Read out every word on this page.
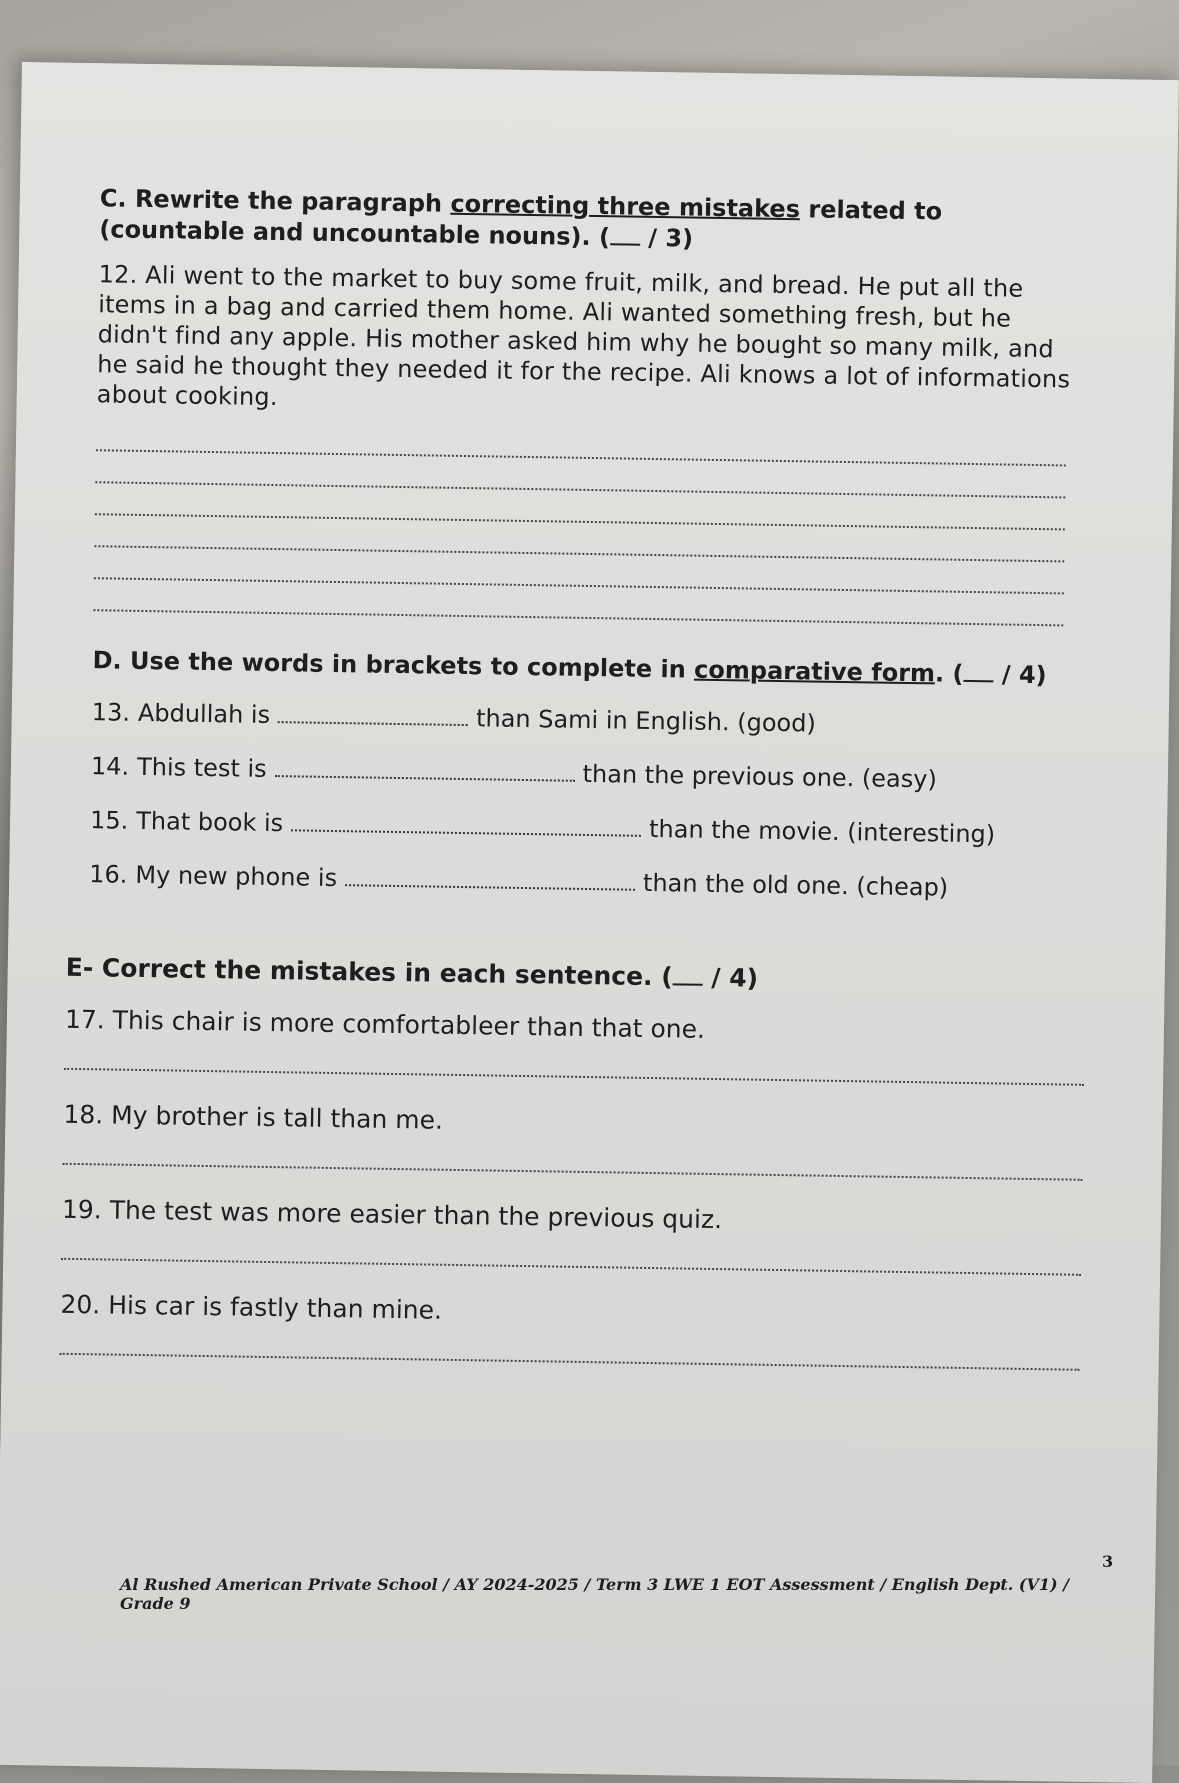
C. Rewrite the paragraph correcting three mistakes related to (countable and uncountable nouns). ( / 3)

12. Ali went to the market to buy some fruit, milk, and bread. He put all the items in a bag and carried them home. Ali wanted something fresh, but he didn't find any apple. His mother asked him why he bought so many milk, and he said he thought they needed it for the recipe. Ali knows a lot of informations about cooking.

D. Use the words in brackets to complete in comparative form. ( / 4)

13. Abdullah is	than Sami in English. (good)
14. This test is	than the previous one. (easy)
15. That book is	than the movie. (interesting)
16. My new phone is	than the old one. (cheap)

E- Correct the mistakes in each sentence. ( / 4)

17. This chair is more comfortableer than that one.
18. My brother is tall than me.
19. The test was more easier than the previous quiz.
20. His car is fastly than mine.
3
Al Rushed American Private School / AY 2024-2025 / Term 3 LWE 1 EOT Assessment / English Dept. (V1) / Grade 9
